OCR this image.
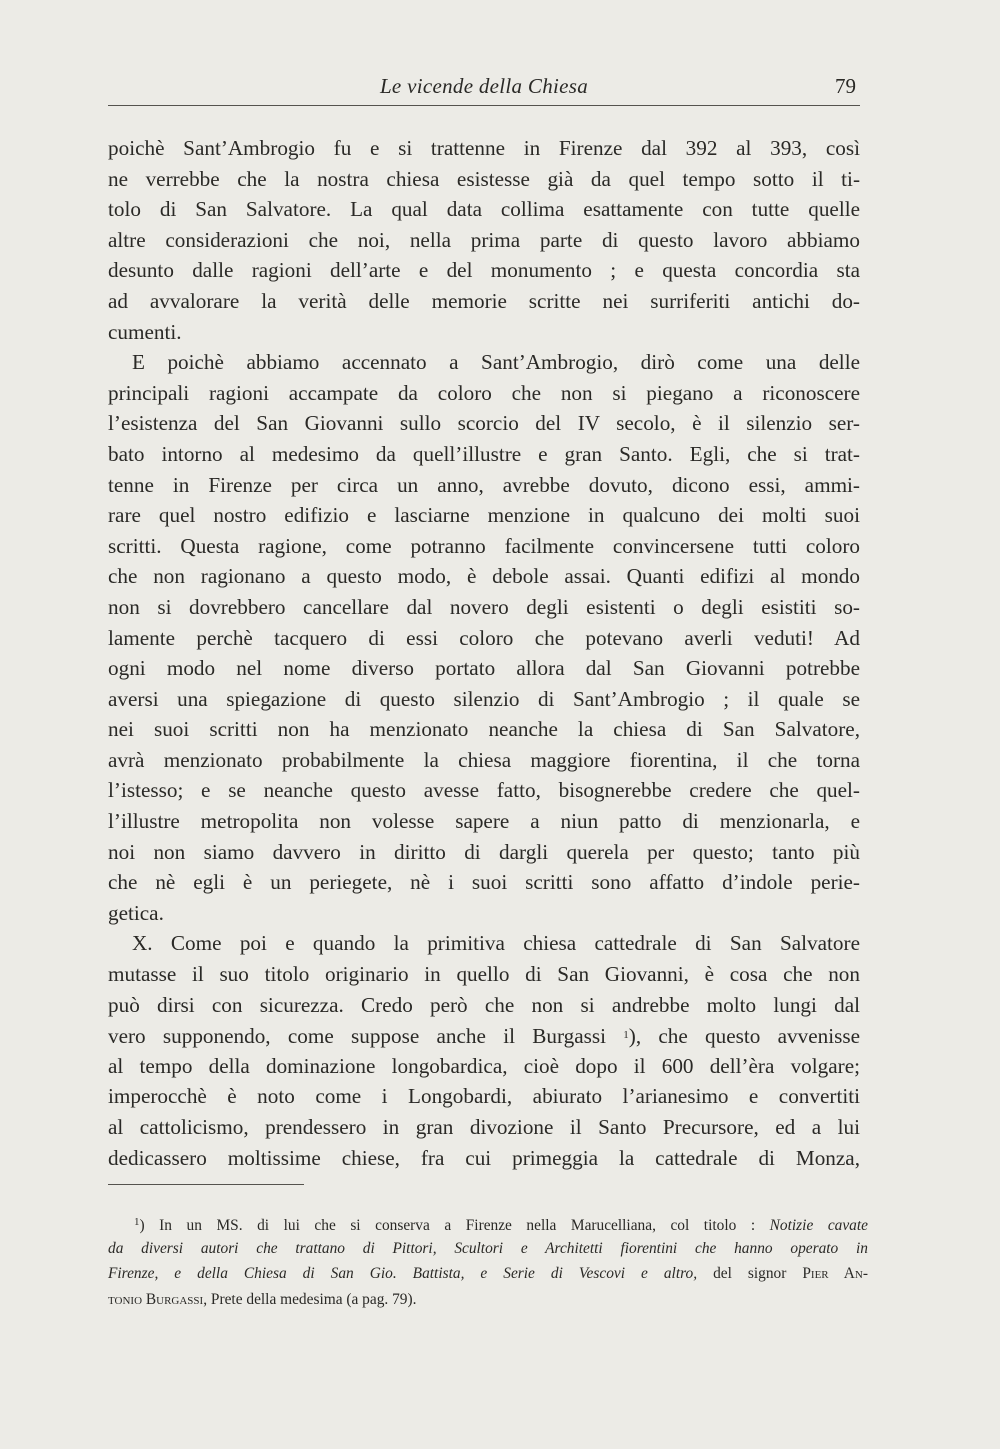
Le vicende della Chiesa	79
poichè Sant’Ambrogio fu e si trattenne in Firenze dal 392 al 393, così
ne verrebbe che la nostra chiesa esistesse già da quel tempo sotto il ti-
tolo di San Salvatore. La qual data collima esattamente con tutte quelle
altre considerazioni che noi, nella prima parte di questo lavoro abbiamo
desunto dalle ragioni dell’arte e del monumento ; e questa concordia sta
ad avvalorare la verità delle memorie scritte nei surriferiti antichi do-
cumenti.
E poichè abbiamo accennato a Sant’Ambrogio, dirò come una delle
principali ragioni accampate da coloro che non si piegano a riconoscere
l’esistenza del San Giovanni sullo scorcio del IV secolo, è il silenzio ser-
bato intorno al medesimo da quell’illustre e gran Santo. Egli, che si trat-
tenne in Firenze per circa un anno, avrebbe dovuto, dicono essi, ammi-
rare quel nostro edifizio e lasciarne menzione in qualcuno dei molti suoi
scritti. Questa ragione, come potranno facilmente convincersene tutti coloro
che non ragionano a questo modo, è debole assai. Quanti edifizi al mondo
non si dovrebbero cancellare dal novero degli esistenti o degli esistiti so-
lamente perchè tacquero di essi coloro che potevano averli veduti! Ad
ogni modo nel nome diverso portato allora dal San Giovanni potrebbe
aversi una spiegazione di questo silenzio di Sant’Ambrogio ; il quale se
nei suoi scritti non ha menzionato neanche la chiesa di San Salvatore,
avrà menzionato probabilmente la chiesa maggiore fiorentina, il che torna
l’istesso; e se neanche questo avesse fatto, bisognerebbe credere che quel-
l’illustre metropolita non volesse sapere a niun patto di menzionarla, e
noi non siamo davvero in diritto di dargli querela per questo; tanto più
che nè egli è un periegete, nè i suoi scritti sono affatto d’indole perie-
getica.
X. Come poi e quando la primitiva chiesa cattedrale di San Salvatore
mutasse il suo titolo originario in quello di San Giovanni, è cosa che non
può dirsi con sicurezza. Credo però che non si andrebbe molto lungi dal
vero supponendo, come suppose anche il Burgassi $^1$), che questo avvenisse
al tempo della dominazione longobardica, cioè dopo il 600 dell’èra volgare;
imperocchè è noto come i Longobardi, abiurato l’arianesimo e convertiti
al cattolicismo, prendessero in gran divozione il Santo Precursore, ed a lui
dedicassero moltissime chiese, fra cui primeggia la cattedrale di Monza,
$^1$) In un MS. di lui che si conserva a Firenze nella Marucelliana, col titolo : Notizie cavate
da diversi autori che trattano di Pittori, Scultori e Architetti fiorentini che hanno operato in
Firenze, e della Chiesa di San Gio. Battista, e Serie di Vescovi e altro, del signor Pier An-
tonio Burgassi, Prete della medesima (a pag. 79).
